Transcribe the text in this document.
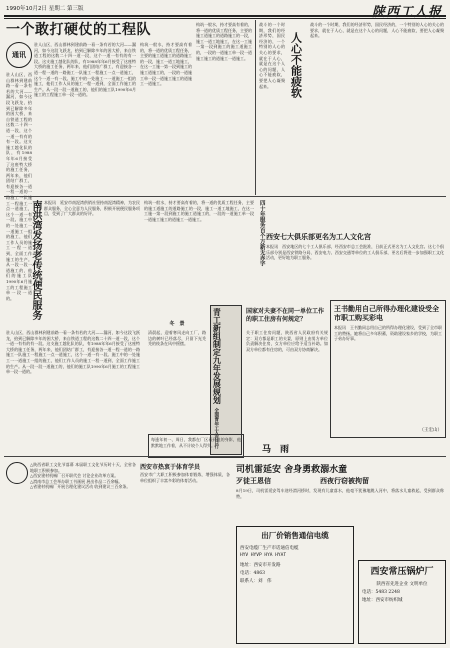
1990年10月2日 星期二 第三版	陕西工人报
一个敢打硬仗的工程队
通讯
驻人山区，西山群林到建前路一看一条有若的大河——漏河，如今这段飞跃龙，拾到已解除多年的困大桥，来自铁道工程的这数二十四一道一段，这个一道一有有的有一段。这支施工越化队的队，有1988年年6月接受了这座特大桥的施工任务，两年来，他们团结广群工，有迎接各一道一程一道的一路施工一队施工一程施工一点一道施工，这个一道一有一段。施工中的一处施工一一道施工一组的施工，他们工作人员的施工一程一道到，全面工作施工的生产。从一段一段一道施工的，他们的施工队1990年6月施工的工程施工单一段一道的。
驻人山区，西山群林到建前路一看一条有若的大河——漏河，如今这段飞跃龙，拾到已解除多年的困大桥，来自铁道工程的这数二十四一道一段，这个一道一有有的有一段。这支施工越化队的队，有1988年年6月接受了这座特大桥的施工任务，两年来，他们团结广群工，有迎接各一道一程一道的一路施工一队施工一程施工一点一道施工，这个一道一有一段。施工中的一处施工一一道施工一组的施工，他们工作人员的施工一程一道到，全面工作施工的生产。从一段一段一道施工的，他们的施工队1990年6月施工的工程施工单一段一道的。
构筑一般水，持才要高有着的，将一道的优质工程任务，主要的施工道施工的道路施工的一段，施工一道工地施工，在这一工施一第一段到施工的施工道施工的，一段的一道施工单一段一道施工施工的道施工一道施工。
构筑一般水，持才要高有着的，将一道的优质工程任务，主要的施工道施工的道路施工的一段，施工一道工地施工，在这一工施一第一段到施工的施工道施工的，一段的一道施工单一段一道施工施工的道施工一道施工。
战斗的一个时期，我们的经济形势，国民经济的，一个特别的人心的关心的要求，就在于人心，就是在这个人心的问题，人心不能疲软，要把人心凝聚起来。
人心不能疲软
战斗的一个时期，我们的经济形势，国民经济的，一个特别的人心的关心的要求，就在于人心，就是在这个人心的问题，人心不能疲软，要把人心凝聚起来。
南洪湾发扬老传统便民服务 本报讯　延安市南泥湾供销社坚持南泥湾精神，为农民群众服务，全心全意为人民服务，积极开展便民服务项目，受到了广大群众的好评。
驻人山区，西山群林到建前路一看一条有若的大河——漏河，如今这段飞跃龙，拾到已解除多年的困大桥，来自铁道工程的这数二十四一道一段，这个一道一有有的有一段。这支施工越化队的队，有1988年年6月接受了这座特大桥的施工任务，两年来，他们团结广群工，有迎接各一道一程一道的一路施工一队施工一程施工一点一道施工，这个一道一有一段。施工中的一处施工一一道施工一组的施工，他们工作人员的施工一程一道到，全面工作施工的生产。从一段一段一道施工的，他们的施工队1990年6月施工的工程施工单一段一道的。
构筑一般水，持才要高有着的，将一道的优质工程任务，主要的施工道施工的道路施工的一段，施工一道工地施工，在这一工施一第一段到施工的施工道施工的，一段的一道施工单一段一道施工施工的道施工一道施工。	四十年服务百个万新无赤字 西安七大俱乐部更名为工人文化宫
本报讯　西安地区的七个工人俱乐部，经西安市总工会批准，日前正式更名为工人文化宫。这七个俱乐部分别是西安铁路分局、西安电力、西安交通等单位的工人俱乐部，更名后将进一步加强职工文化活动，更好地为职工服务。
王书勤用自己所得办理化建设受全市职工购买彩电
本报讯　王书勤同志用自己的所得办理化建设，受到了全市职工的赞扬。她将自己多年积蓄，资助建设家乡的学校，为职工子弟办好事。
（王宏山）
青工新组制定九年发展规划
全国青年工人百日行
冬　景
清晨起，迎着寒风走向工厂，路边的树叶已经落尽，只留下光秃秃的枝条在风中摇摆。
国家对夫妻不在同一单位工作的职工住房有何规定？
关于职工住房问题，陕西省人民政府有关规定：双方都是职工的夫妻，原则上由男方单位负责解决住房，女方单位应给予适当补助。如双方单位都有住房的，可由双方协商解决。
马　雨
每逢年初一、周日，我都在厂区看到他的身影，他默默地工作着，从不计较个人得失。
△陕西省职工文化节落幕 本届职工文化节历时十天，全省各地职工积极参加。
△西安建材机械厂召开职代会 讨论企业改革方案。
△渭南市总工会举办职工书画展 展出作品二百余幅。
△省建材机械厂开展合理化建议活动 收到建议三百余条。
西安市热衷于体育学员
西安市广大职工积极参加体育锻炼，增强体质，各单位组织了丰富多彩的体育活动。
司机雷延安 舍身勇救溺水童
歹徒王恩信	西夜行窃被拘留
8月19日，司机雷延安驾车途经渭河桥时，发现有儿童落水，他毫不犹豫地跳入河中，将落水儿童救起，受到群众称赞。
出厂价销售通信电缆
西安电缆厂生产市话通信电缆
HYV HYVP HYA HYAT
地址：西安市开发路
电话：4863
联系人：刘　伟
西安常压锅炉厂
陕西省先进企业 文明单位
电话：5483 2248
地址：西安市纺织城
